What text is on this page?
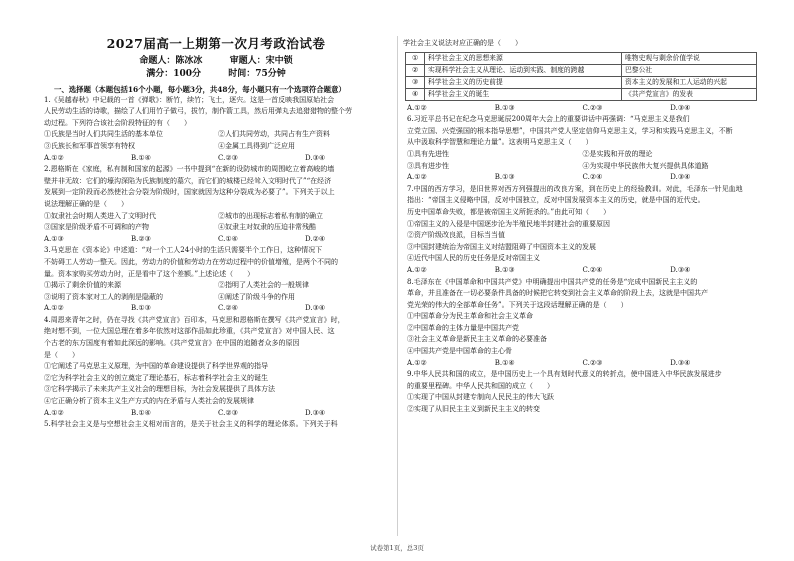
2027届高一上期第一次月考政治试卷
命题人：陈冰冰	审题人：宋中锁
满分：100分	时间：75分钟
一、选择题（本题包括16个小题，每小题3分，共48分，每小题只有一个选项符合题意）

1.《吴越春秋》中记载的一首《弹歌》：断竹，续竹；飞土，逐宍。这是一首反映我国原始社会

人民劳动生活的诗歌，描绘了人们用竹子做弓，拔竹，制作箭工具，然后用弹丸去追猎猎物的整个劳

动过程。下列符合该社会阶段特征的有（　　）

①氏族是当时人们共同生活的基本单位	②人们共同劳动，共同占有生产资料
③氏族长和军事首领享有特权	④金属工具得到广泛应用
A.①②	B.①④	C.②③	D.③④

2.恩格斯在《家庭，私有制和国家的起源》一书中提到“在新的设防城市的周围屹立着高峻的墙

壁并非无故：它们的壕沟深陷为氏族制度的墓穴，而它们的城楼已经耸入文明时代了”“在经济

发展到一定阶段而必然使社会分裂为阶级时，国家就因为这种分裂成为必要了”。下列关于以上

说法理解正确的是（　　）

①奴隶社会时期人类进入了文明时代	②城市的出现标志着私有制的确立
③国家是阶级矛盾不可调和的产物	④奴隶主对奴隶的压迫非常残酷
A.①③	B.②③	C.①④	D.②④

3.马克思在《资本论》中述道：“对一个工人24小时的生活只需要半个工作日，这种情况下

不妨碍工人劳动一整天。因此，劳动力的价值和劳动力在劳动过程中的价值增殖，是两个不同的

量。资本家购买劳动力时，正是看中了这个差额。”上述论述（　　）

①揭示了剩余价值的来源	②指明了人类社会的一般规律
③说明了资本家对工人的剥削是隐蔽的	④阐述了阶级斗争的作用
A.①②	B.①③	C.②④	D.③④

4.周恩来青年之时，仍在寻找《共产党宣言》百印本，马克思和恩格斯在撰写《共产党宣言》时，

绝对想不到，一位大国总理在着多年依然对这部作品如此珍重，《共产党宣言》对中国人民、这

个古老的东方国度有着如此深远的影响。《共产党宣言》在中国的追随者众多的原因

是（　　）

①它阐述了马克思主义原理，为中国的革命建设提供了科学世界观的指导

②它为科学社会主义的创立奠定了理论基石，标志着科学社会主义的诞生

③它科学揭示了未来共产主义社会的理想目标，为社会发展提供了具体方法

④它正确分析了资本主义生产方式的内在矛盾与人类社会的发展规律

A.①②	B.①④	C.②③	D.③④

5.科学社会主义是与空想社会主义相对而言的，是关于社会主义的科学的理论体系。下列关于科

学社会主义说法对应正确的是（　　）

①	科学社会主义的思想来源	唯物史观与剩余价值学说
②	实现科学社会主义从理论、运动到实践、制度的跨越	巴黎公社
③	科学社会主义的历史前提	资本主义的发展和工人运动的兴起
④	科学社会主义的诞生	《共产党宣言》的发表
A.①②	B.①③	C.②③	D.③④

6.习近平总书记在纪念马克思诞辰200周年大会上的重要讲话中再强调：“马克思主义是我们

立党立国、兴党强国的根本指导思想”，中国共产党人坚定信仰马克思主义，学习和实践马克思主义，不断

从中汲取科学智慧和理论力量”。这表明马克思主义（　　）

①具有先进性	②是实践和开放的理论
③具有进步性	④为实现中华民族伟大复兴提供具体道路
A.①②	B.①③	C.②④	D.③④

7.中国的西方学习，是旧世界对西方列强提出的改良方案，到在历史上的经验教训。对此，毛泽东一针见血地

指出：“帝国主义侵略中国，反对中国独立，反对中国发展资本主义的历史，就是中国的近代史。

历史中国革命失败，都是被帝国主义所扼杀的。”由此可知（　　）

①帝国主义的入侵是中国逐步沦为半殖民地半封建社会的重要原因

②资产阶级改良派，目标当当值

③中国封建统治为帝国主义对结盟阻碍了中国资本主义的发展

④近代中国人民的历史任务是反对帝国主义

A.①②	B.①③	C.②④	D.③④

8.毛泽东在《中国革命和中国共产党》中明确提出中国共产党的任务是“完成中国新民主主义的

革命，并且准备在一切必要条件具备的时候把它转变到社会主义革命的阶段上去，这就是中国共产

党光荣的伟大的全部革命任务”。下列关于这段话理解正确的是（　　）

①中国革命分为民主革命和社会主义革命

②中国革命的主体力量是中国共产党

③社会主义革命是新民主主义革命的必要准备

④中国共产党是中国革命的主心骨

A.①②	B.①④	C.②③	D.③④

9.中华人民共和国的成立，是中国历史上一个具有划时代意义的转折点，使中国进入中华民族发展进步

的重要里程碑。中华人民共和国的成立（　　）

①实现了中国从封建专制向人民民主的伟大飞跃

②实现了从旧民主主义到新民主主义的转变

试卷第1页，总3页
